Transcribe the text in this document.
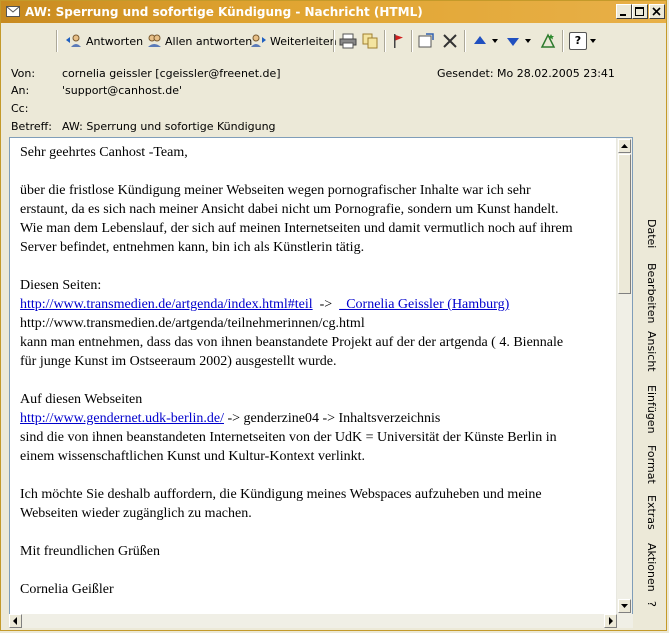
AW: Sperrung und sofortige Kündigung - Nachricht (HTML)
Antworten Allen antworten Weiterleiten	?
Von: cornelia geissler [cgeissler@freenet.de]	Gesendet: Mo 28.02.2005 23:41
An:	'support@canhost.de'
Cc:
Betreff: AW: Sperrung und sofortige Kündigung

Sehr geehrtes Canhost -Team,

über die fristlose Kündigung meiner Webseiten wegen pornografischer Inhalte war ich sehr

erstaunt, da es sich nach meiner Ansicht dabei nicht um Pornografie, sondern um Kunst handelt.

Wie man dem Lebenslauf, der sich auf meinen Internetseiten und damit vermutlich noch auf ihrem

Server befindet, entnehmen kann, bin ich als Künstlerin tätig.

Diesen Seiten:

http://www.transmedien.de/artgenda/index.html#teil  ->  _Cornelia Geissler (Hamburg)

http://www.transmedien.de/artgenda/teilnehmerinnen/cg.html

kann man entnehmen, dass das von ihnen beanstandete Projekt auf der der artgenda ( 4. Biennale

für junge Kunst im Ostseeraum 2002) ausgestellt wurde.

Auf diesen Webseiten

http://www.gendernet.udk-berlin.de/ -> genderzine04 -> Inhaltsverzeichnis

sind die von ihnen beanstandeten Internetseiten von der UdK = Universität der Künste Berlin in

einem wissenschaftlichen Kunst und Kultur-Kontext verlinkt.

Ich möchte Sie deshalb auffordern, die Kündigung meines Webspaces aufzuheben und meine

Webseiten wieder zugänglich zu machen.

Mit freundlichen Grüßen

Cornelia Geißler

Datei
Bearbeiten
Ansicht
Einfügen
Format
Extras
Aktionen
?
